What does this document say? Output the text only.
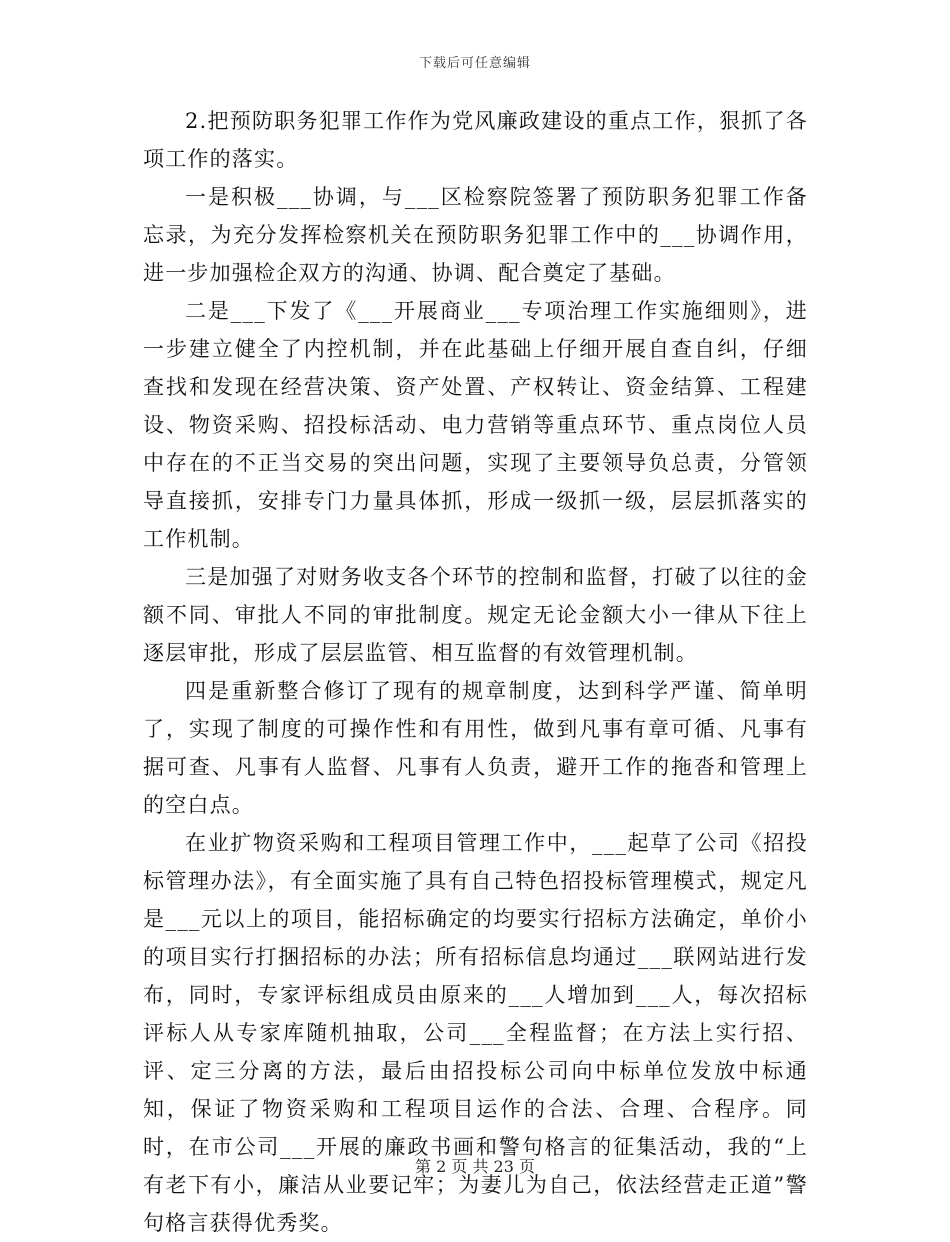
下载后可任意编辑

2.把预防职务犯罪工作作为党风廉政建设的重点工作，狠抓了各项工作的落实。

一是积极___协调，与___区检察院签署了预防职务犯罪工作备忘录，为充分发挥检察机关在预防职务犯罪工作中的___协调作用，进一步加强检企双方的沟通、协调、配合奠定了基础。

二是___下发了《___开展商业___专项治理工作实施细则》，进一步建立健全了内控机制，并在此基础上仔细开展自查自纠，仔细查找和发现在经营决策、资产处置、产权转让、资金结算、工程建设、物资采购、招投标活动、电力营销等重点环节、重点岗位人员中存在的不正当交易的突出问题，实现了主要领导负总责，分管领导直接抓，安排专门力量具体抓，形成一级抓一级，层层抓落实的工作机制。

三是加强了对财务收支各个环节的控制和监督，打破了以往的金额不同、审批人不同的审批制度。规定无论金额大小一律从下往上逐层审批，形成了层层监管、相互监督的有效管理机制。

四是重新整合修订了现有的规章制度，达到科学严谨、简单明了，实现了制度的可操作性和有用性，做到凡事有章可循、凡事有据可查、凡事有人监督、凡事有人负责，避开工作的拖沓和管理上的空白点。

在业扩物资采购和工程项目管理工作中，___起草了公司《招投标管理办法》，有全面实施了具有自己特色招投标管理模式，规定凡是___元以上的项目，能招标确定的均要实行招标方法确定，单价小的项目实行打捆招标的办法；所有招标信息均通过___联网站进行发布，同时，专家评标组成员由原来的___人增加到___人，每次招标评标人从专家库随机抽取，公司___全程监督；在方法上实行招、评、定三分离的方法，最后由招投标公司向中标单位发放中标通知，保证了物资采购和工程项目运作的合法、合理、合程序。同时，在市公司___开展的廉政书画和警句格言的征集活动，我的“上有老下有小，廉洁从业要记牢；为妻儿为自己，依法经营走正道”警句格言获得优秀奖。

第 2 页 共 23 页
